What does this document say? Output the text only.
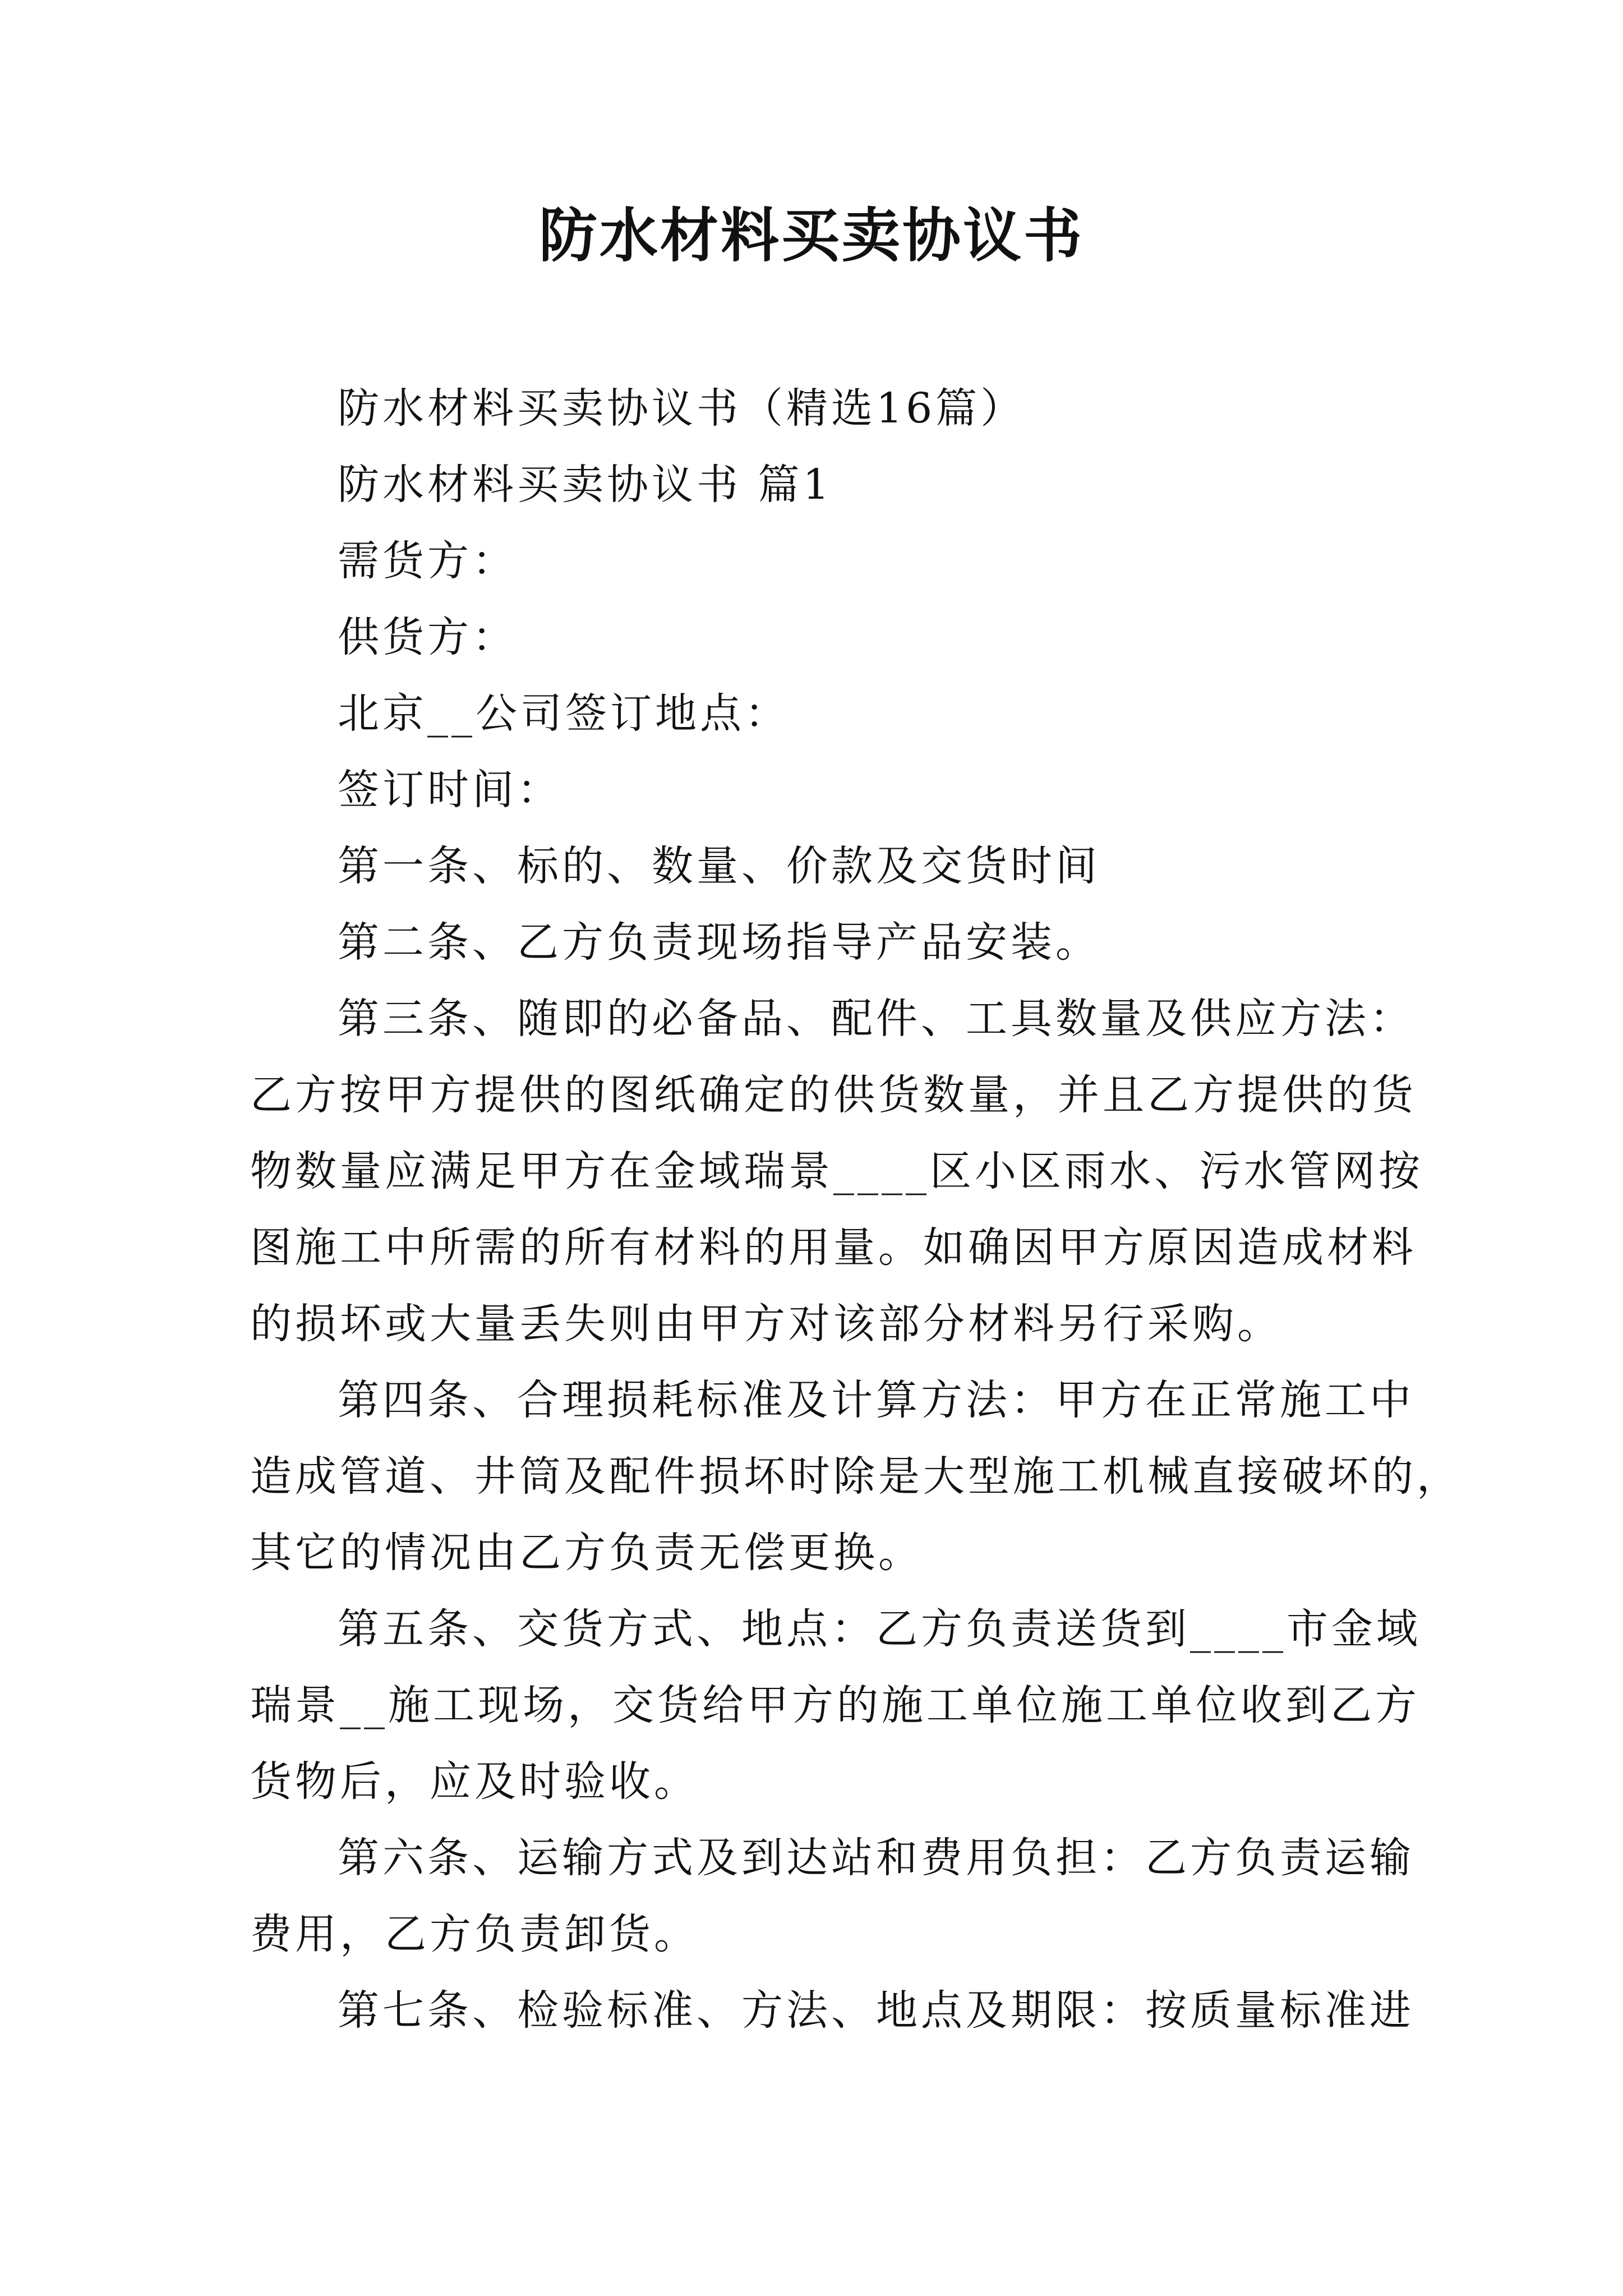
防水材料买卖协议书
防水材料买卖协议书（精选16篇）
防水材料买卖协议书 篇1
需货方：
供货方：
北京__公司签订地点：
签订时间：
第一条、标的、数量、价款及交货时间
第二条、乙方负责现场指导产品安装。
第三条、随即的必备品、配件、工具数量及供应方法：
乙方按甲方提供的图纸确定的供货数量，并且乙方提供的货
物数量应满足甲方在金域瑞景____区小区雨水、污水管网按
图施工中所需的所有材料的用量。如确因甲方原因造成材料
的损坏或大量丢失则由甲方对该部分材料另行采购。
第四条、合理损耗标准及计算方法：甲方在正常施工中
造成管道、井筒及配件损坏时除是大型施工机械直接破坏的，
其它的情况由乙方负责无偿更换。
第五条、交货方式、地点：乙方负责送货到____市金域
瑞景__施工现场，交货给甲方的施工单位施工单位收到乙方
货物后，应及时验收。
第六条、运输方式及到达站和费用负担：乙方负责运输
费用，乙方负责卸货。
第七条、检验标准、方法、地点及期限：按质量标准进
